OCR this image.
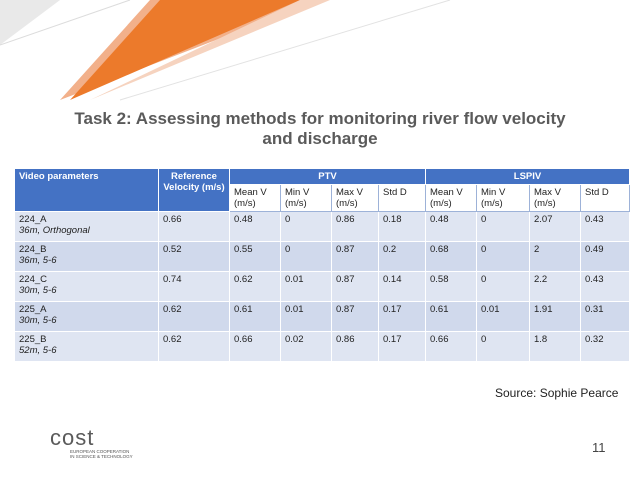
Task 2: Assessing methods for monitoring river flow velocity
and discharge
Video parameters	Reference Velocity (m/s)	PTV				LSPIV			
		Mean V (m/s)	Min V (m/s)	Max V (m/s)	Std D	Mean V (m/s)	Min V (m/s)	Max V (m/s)	Std D
224_A
36m, Orthogonal	0.66	0.48	0	0.86	0.18	0.48	0	2.07	0.43
224_B
36m, 5-6	0.52	0.55	0	0.87	0.2	0.68	0	2	0.49
224_C
30m, 5-6	0.74	0.62	0.01	0.87	0.14	0.58	0	2.2	0.43
225_A
30m, 5-6	0.62	0.61	0.01	0.87	0.17	0.61	0.01	1.91	0.31
225_B
52m, 5-6	0.62	0.66	0.02	0.86	0.17	0.66	0	1.8	0.32
Source: Sophie Pearce
cost
EUROPEAN COOPERATION
IN SCIENCE & TECHNOLOGY
11
